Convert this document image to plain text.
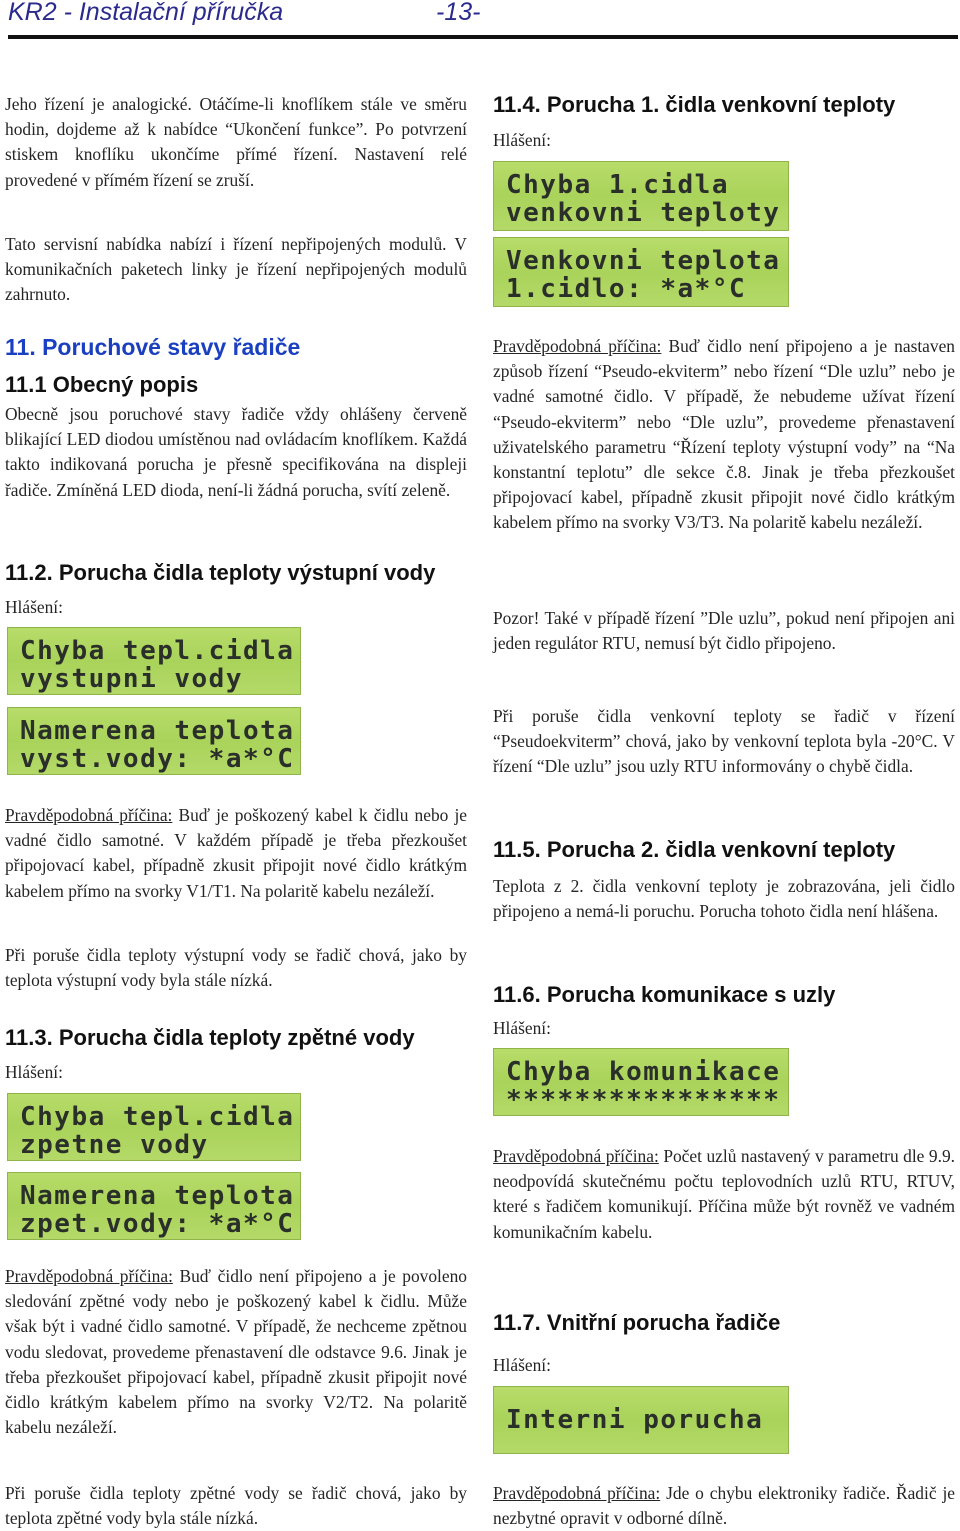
KR2 - Instalační příručka	-13-

Jeho řízení je analogické. Otáčíme-li knoflíkem stále ve směru hodin, dojdeme až k nabídce “Ukončení funkce”. Po potvrzení stiskem knoflíku ukončíme přímé řízení. Nastavení relé provedené v přímém řízení se zruší.

Tato servisní nabídka nabízí i řízení nepřipojených modulů. V komunikačních paketech linky je řízení nepřipojených modulů zahrnuto.

11. Poruchové stavy řadiče
11.1 Obecný popis

Obecně jsou poruchové stavy řadiče vždy ohlášeny červeně blikající LED diodou umístěnou nad ovládacím knoflíkem. Každá takto indikovaná porucha je přesně specifikována na displeji řadiče. Zmíněná LED dioda, není-li žádná porucha, svítí zeleně.

11.2. Porucha čidla teploty výstupní vody
Hlášení:
Chyba tepl.cidla
vystupni vody
Namerena teplota
vyst.vody: *a*°C

Pravděpodobná příčina: Buď je poškozený kabel k čidlu nebo je vadné čidlo samotné. V každém případě je třeba přezkoušet připojovací kabel, případně zkusit připojit nové čidlo krátkým kabelem přímo na svorky V1/T1. Na polaritě kabelu nezáleží.

Při poruše čidla teploty výstupní vody se řadič chová, jako by teplota výstupní vody byla stále nízká.

11.3. Porucha čidla teploty zpětné vody
Hlášení:
Chyba tepl.cidla
zpetne vody
Namerena teplota
zpet.vody: *a*°C

Pravděpodobná příčina: Buď čidlo není připojeno a je povoleno sledování zpětné vody nebo je poškozený kabel k čidlu. Může však být i vadné čidlo samotné. V případě, že nechceme zpětnou vodu sledovat, provedeme přenastavení dle odstavce 9.6. Jinak je třeba přezkoušet připojovací kabel, případně zkusit připojit nové čidlo krátkým kabelem přímo na svorky V2/T2. Na polaritě kabelu nezáleží.

Při poruše čidla teploty zpětné vody se řadič chová, jako by teplota zpětné vody byla stále nízká.

11.4. Porucha 1. čidla venkovní teploty
Hlášení:
Chyba 1.cidla
venkovni teploty
Venkovni teplota
1.cidlo: *a*°C

Pravděpodobná příčina: Buď čidlo není připojeno a je nastaven způsob řízení “Pseudo-ekviterm” nebo řízení “Dle uzlu” nebo je vadné samotné čidlo. V případě, že nebudeme užívat řízení “Pseudo-ekviterm” nebo “Dle uzlu”, provedeme přenastavení uživatelského parametru “Řízení teploty výstupní vody” na “Na konstantní teplotu” dle sekce č.8. Jinak je třeba přezkoušet připojovací kabel, případně zkusit připojit nové čidlo krátkým kabelem přímo na svorky V3/T3. Na polaritě kabelu nezáleží.

Pozor! Také v případě řízení ”Dle uzlu”, pokud není připojen ani jeden regulátor RTU, nemusí být čidlo připojeno.

Při poruše čidla venkovní teploty se řadič v řízení “Pseudoekviterm” chová, jako by venkovní teplota byla -20°C. V řízení “Dle uzlu” jsou uzly RTU informovány o chybě čidla.

11.5. Porucha 2. čidla venkovní teploty

Teplota z 2. čidla venkovní teploty je zobrazována, jeli čidlo připojeno a nemá-li poruchu. Porucha tohoto čidla není hlášena.

11.6. Porucha komunikace s uzly
Hlášení:
Chyba komunikace
****************

Pravděpodobná příčina: Počet uzlů nastavený v parametru dle 9.9. neodpovídá skutečnému počtu teplovodních uzlů RTU, RTUV, které s řadičem komunikují. Příčina může být rovněž ve vadném komunikačním kabelu.

11.7. Vnitřní porucha řadiče
Hlášení:
Interni porucha

Pravděpodobná příčina: Jde o chybu elektroniky řadiče. Řadič je nezbytné opravit v odborné dílně.
